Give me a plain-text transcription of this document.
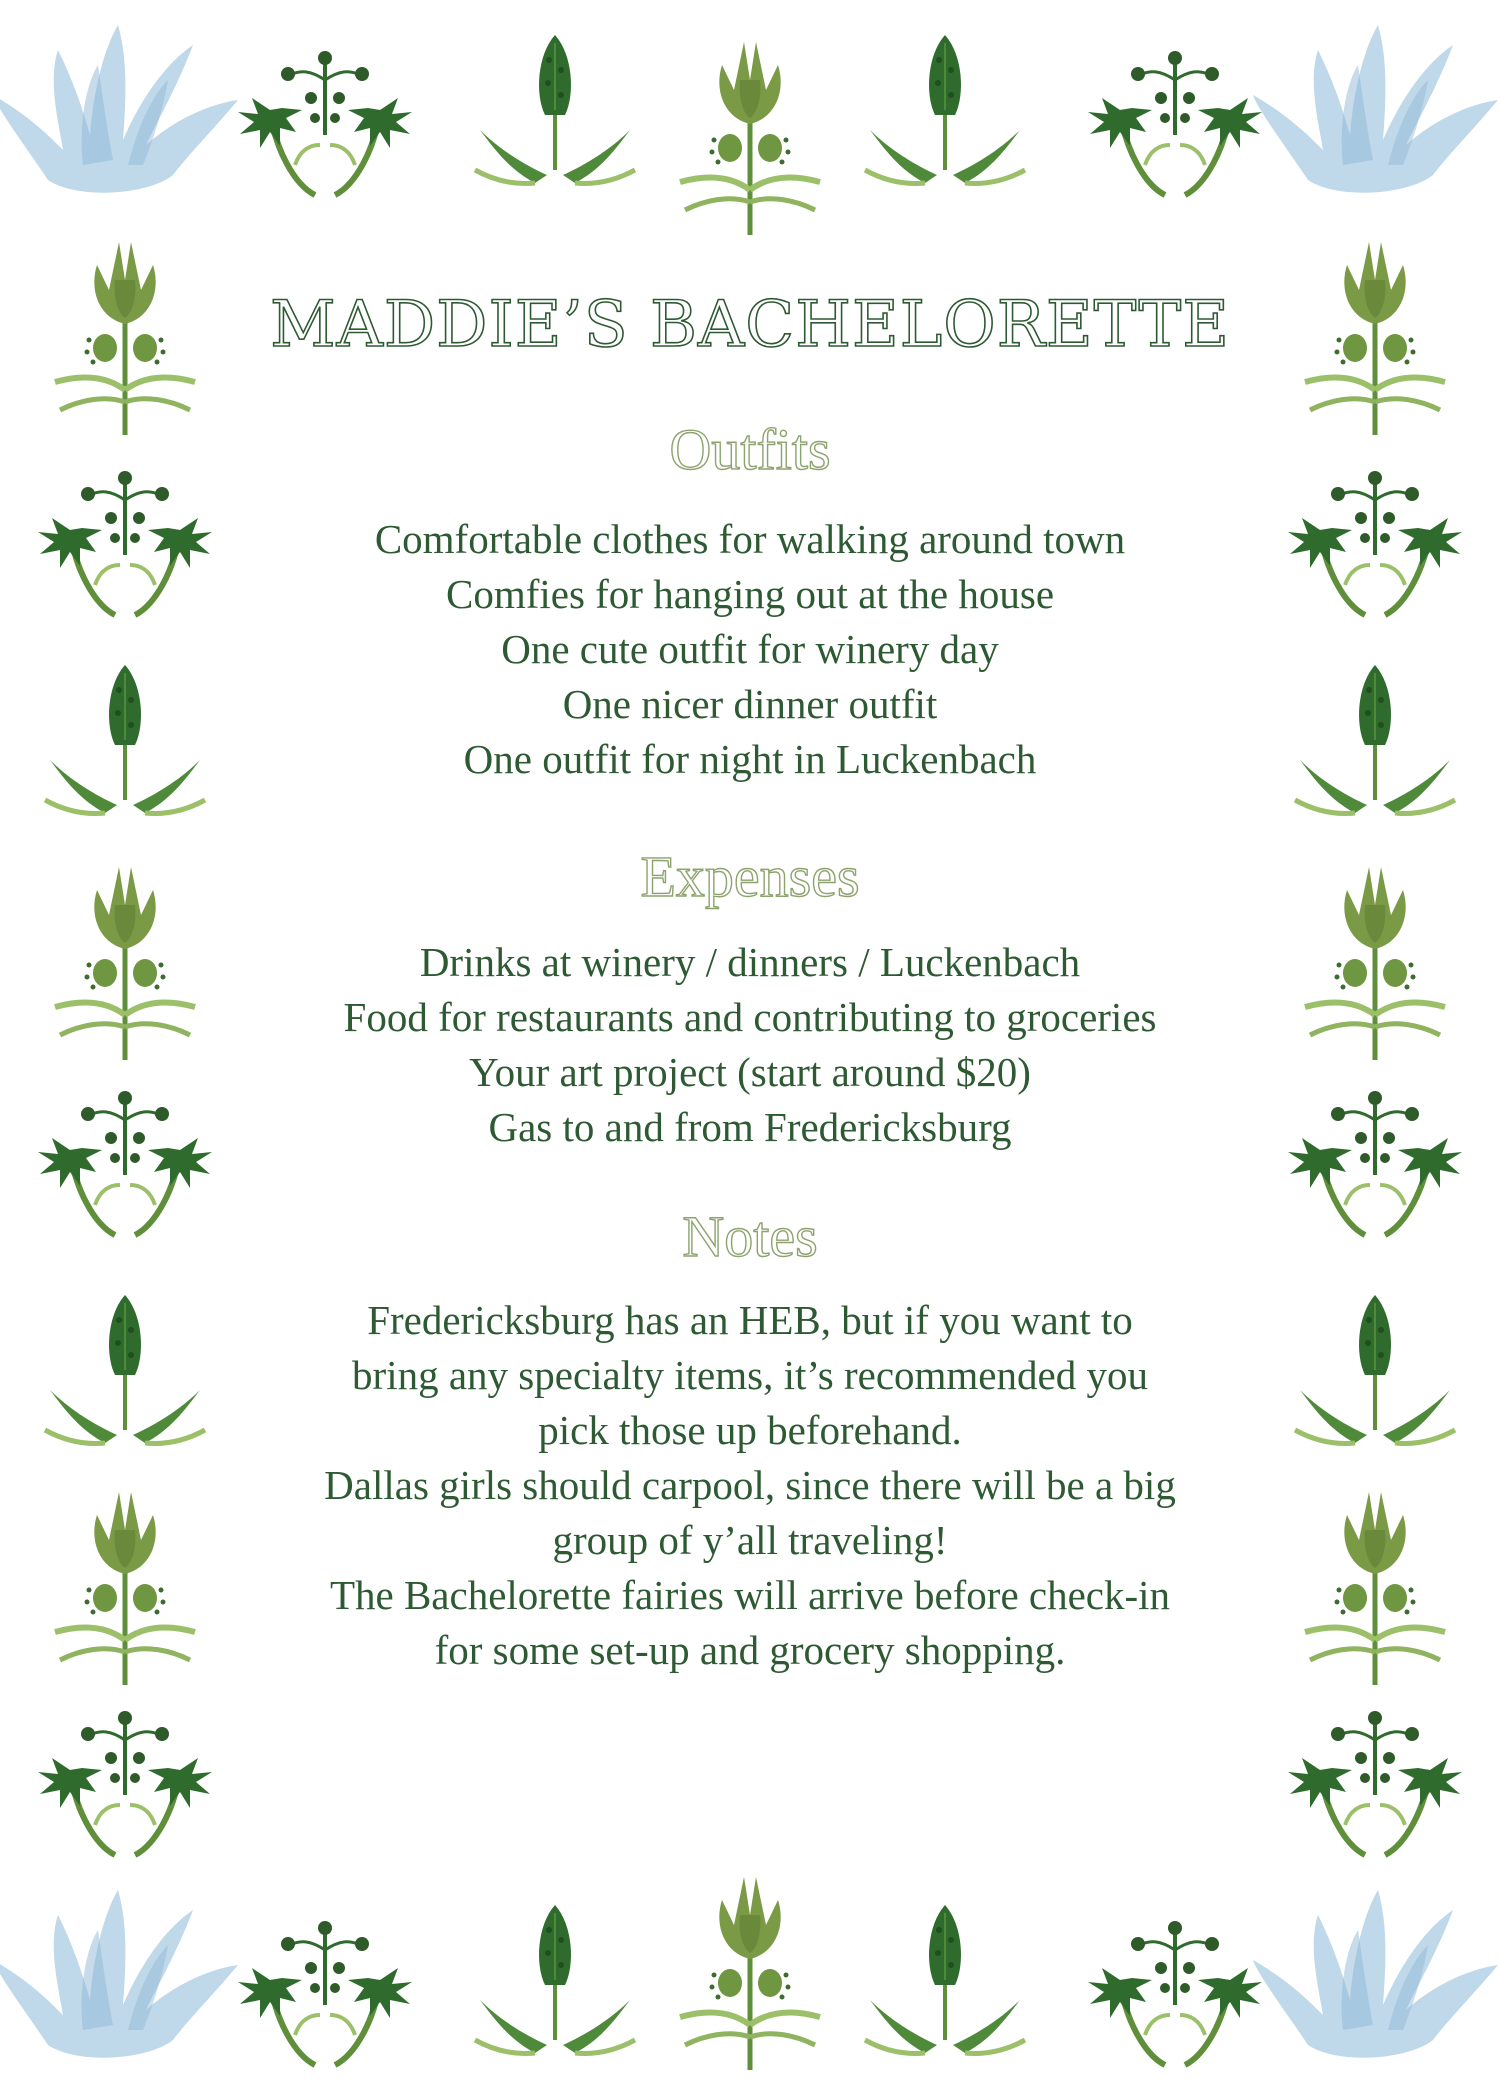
MADDIE’S BACHELORETTE
Outfits
Comfortable clothes for walking around town
Comfies for hanging out at the house
One cute outfit for winery day
One nicer dinner outfit
One outfit for night in Luckenbach
Expenses
Drinks at winery / dinners / Luckenbach
Food for restaurants and contributing to groceries
Your art project (start around $20)
Gas to and from Fredericksburg
Notes
Fredericksburg has an HEB, but if you want to
bring any specialty items, it’s recommended you
pick those up beforehand.
Dallas girls should carpool, since there will be a big
group of y’all traveling!
The Bachelorette fairies will arrive before check-in
for some set-up and grocery shopping.
